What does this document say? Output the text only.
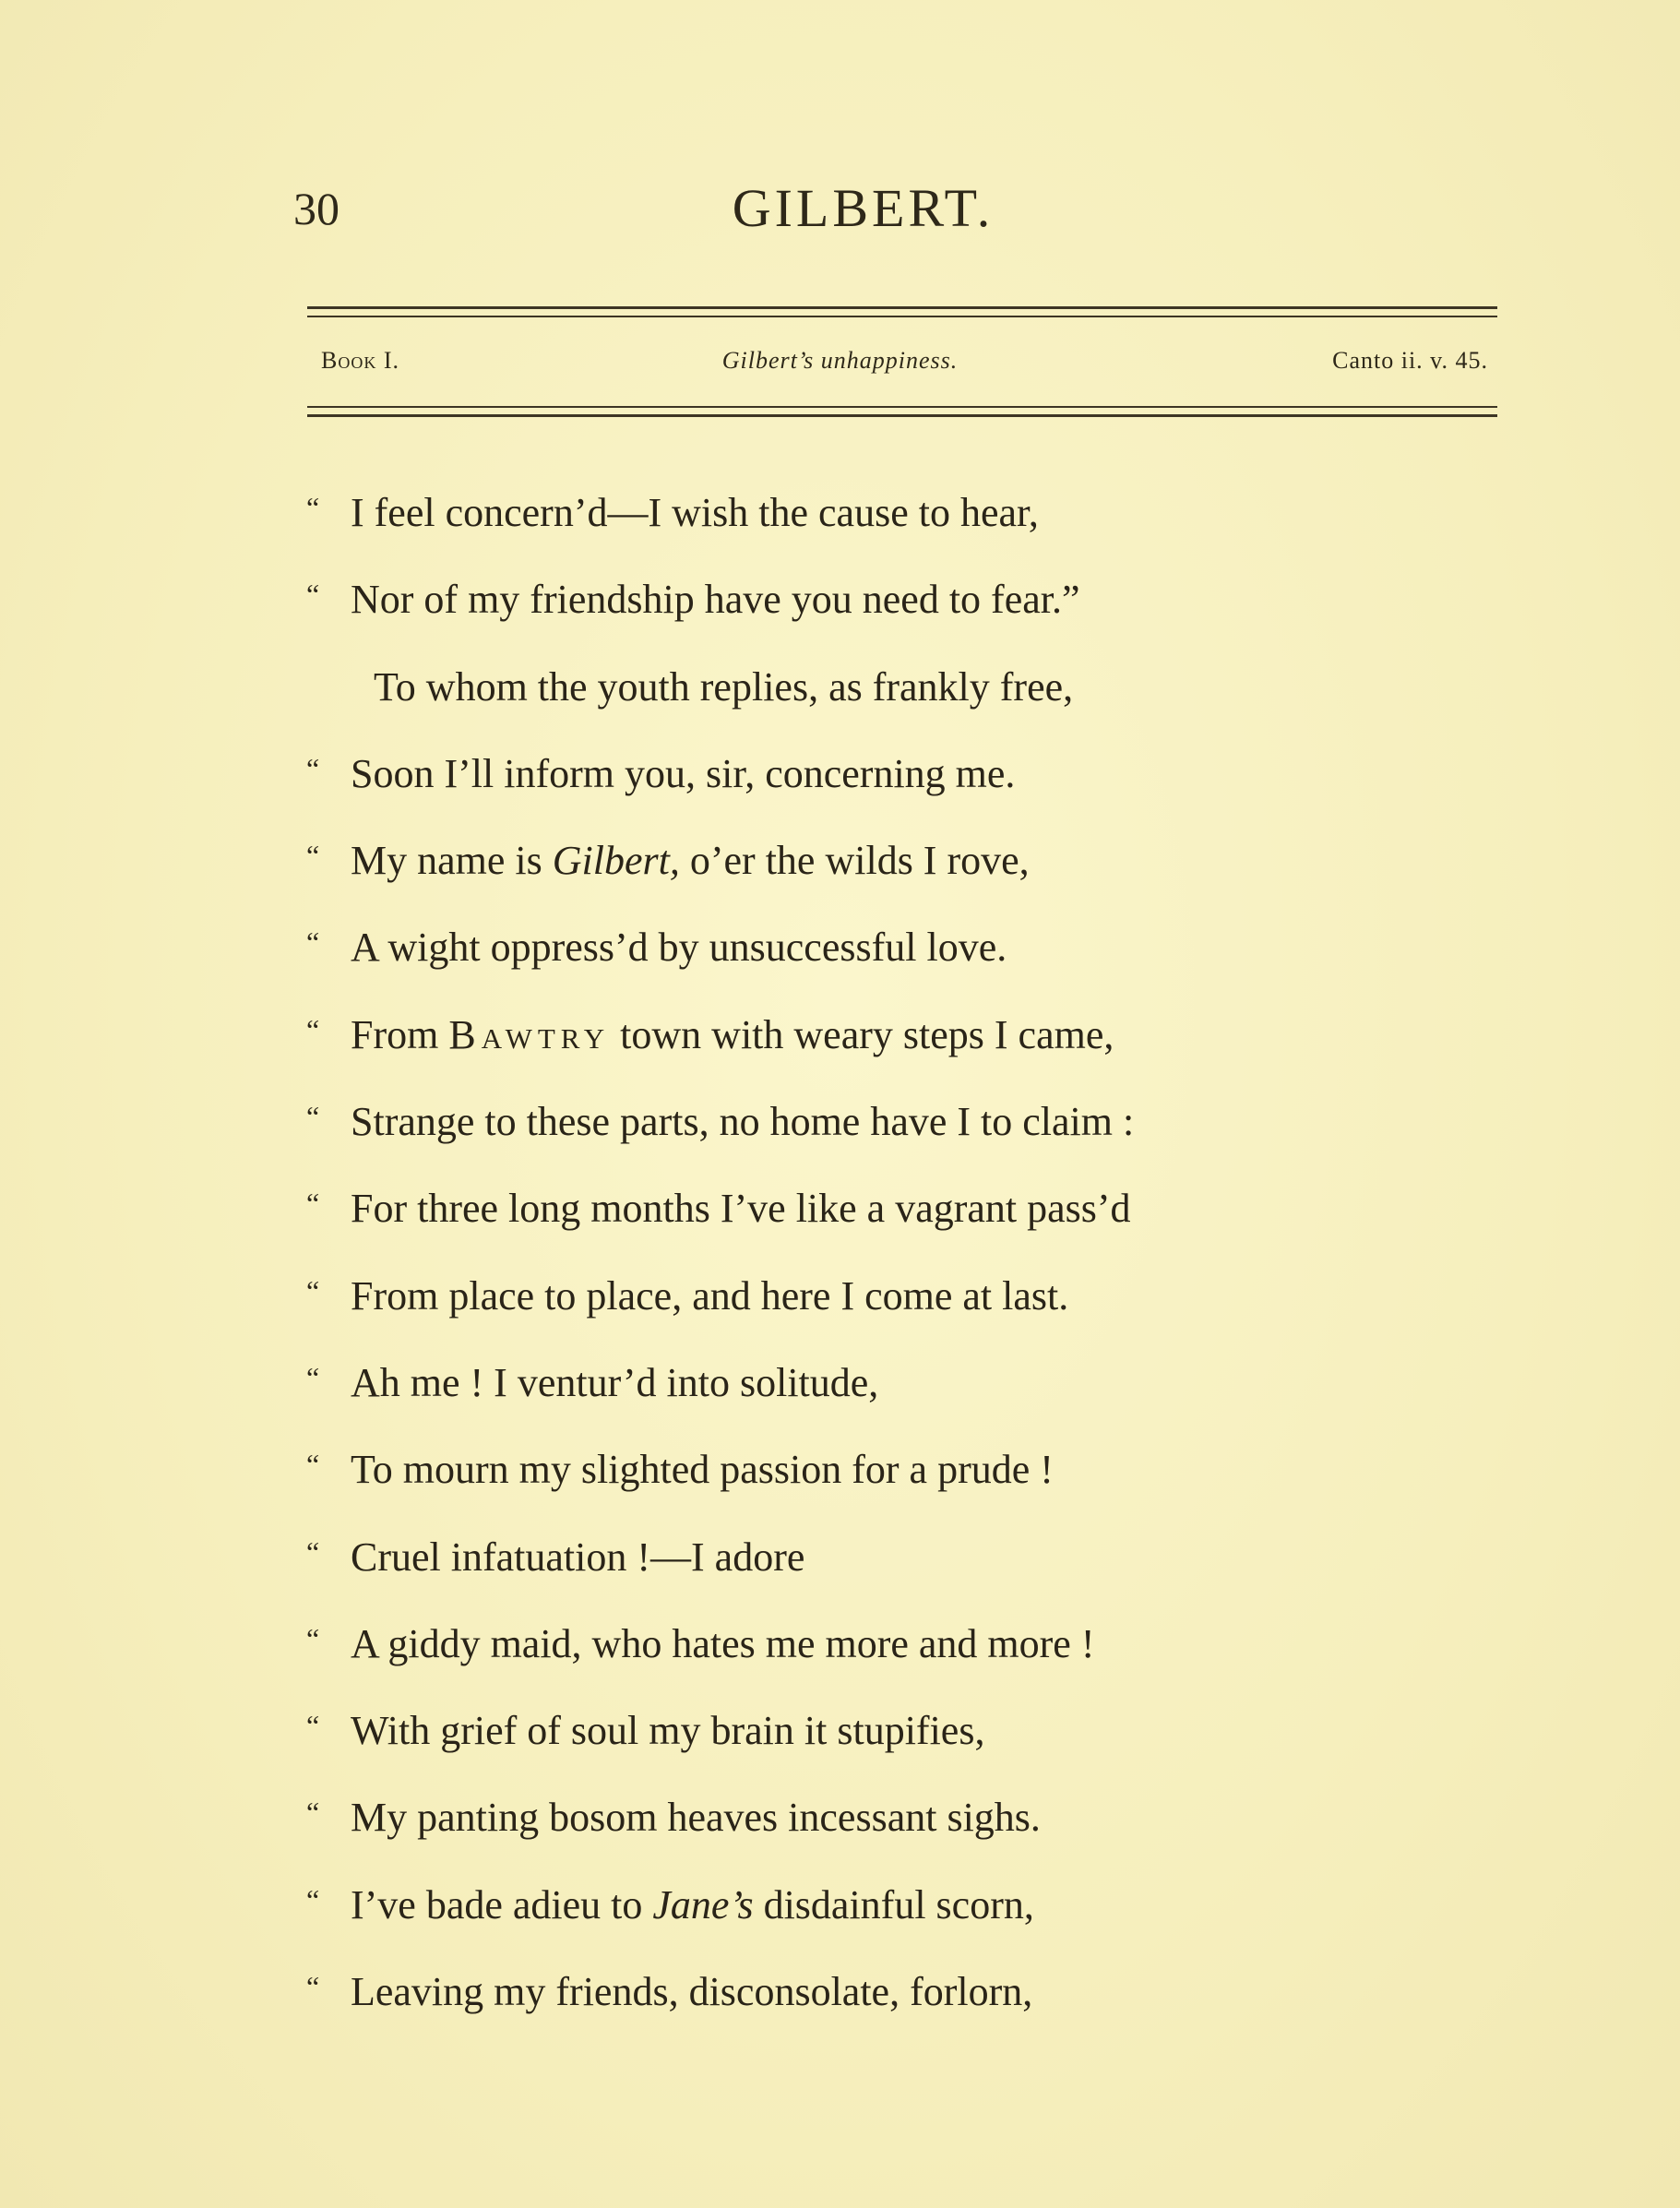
30	GILBERT.
Book I.	Gilbert’s unhappiness.	Canto ii. v. 45.
“ I feel concern’d—I wish the cause to hear,
“ Nor of my friendship have you need to fear.”
To whom the youth replies, as frankly free,
“ Soon I’ll inform you, sir, concerning me.
“ My name is Gilbert, o’er the wilds I rove,
“ A wight oppress’d by unsuccessful love.
“ From Bawtry town with weary steps I came,
“ Strange to these parts, no home have I to claim :
“ For three long months I’ve like a vagrant pass’d
“ From place to place, and here I come at last.
“ Ah me ! I ventur’d into solitude,
“ To mourn my slighted passion for a prude !
“ Cruel infatuation !—I adore
“ A giddy maid, who hates me more and more !
“ With grief of soul my brain it stupifies,
“ My panting bosom heaves incessant sighs.
“ I’ve bade adieu to Jane’s disdainful scorn,
“ Leaving my friends, disconsolate, forlorn,
